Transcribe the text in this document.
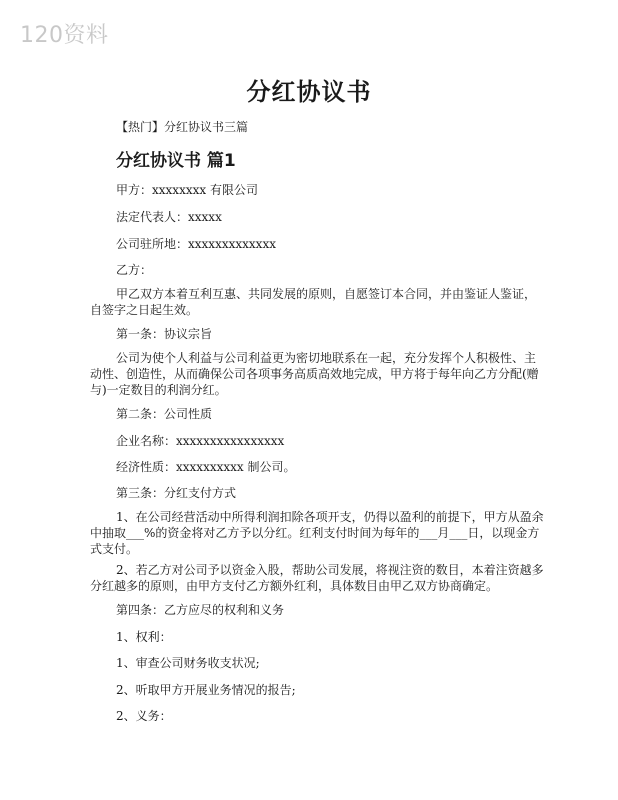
120资料
分红协议书
【热门】分红协议书三篇
分红协议书 篇1
甲方：xxxxxxxx 有限公司
法定代表人：xxxxx
公司驻所地：xxxxxxxxxxxxx
乙方：
甲乙双方本着互利互惠、共同发展的原则，自愿签订本合同，并由鉴证人鉴证，自签字之日起生效。
第一条：协议宗旨
公司为使个人利益与公司利益更为密切地联系在一起，充分发挥个人积极性、主动性、创造性，从而确保公司各项事务高质高效地完成，甲方将于每年向乙方分配(赠与)一定数目的利润分红。
第二条：公司性质
企业名称：xxxxxxxxxxxxxxxx
经济性质：xxxxxxxxxx 制公司。
第三条：分红支付方式
1、在公司经营活动中所得利润扣除各项开支，仍得以盈利的前提下，甲方从盈余中抽取___%的资金将对乙方予以分红。红利支付时间为每年的___月___日，以现金方式支付。
2、若乙方对公司予以资金入股，帮助公司发展，将视注资的数目，本着注资越多分红越多的原则，由甲方支付乙方额外红利，具体数目由甲乙双方协商确定。
第四条：乙方应尽的权利和义务
1、权利：
1、审查公司财务收支状况;
2、听取甲方开展业务情况的报告;
2、义务：
